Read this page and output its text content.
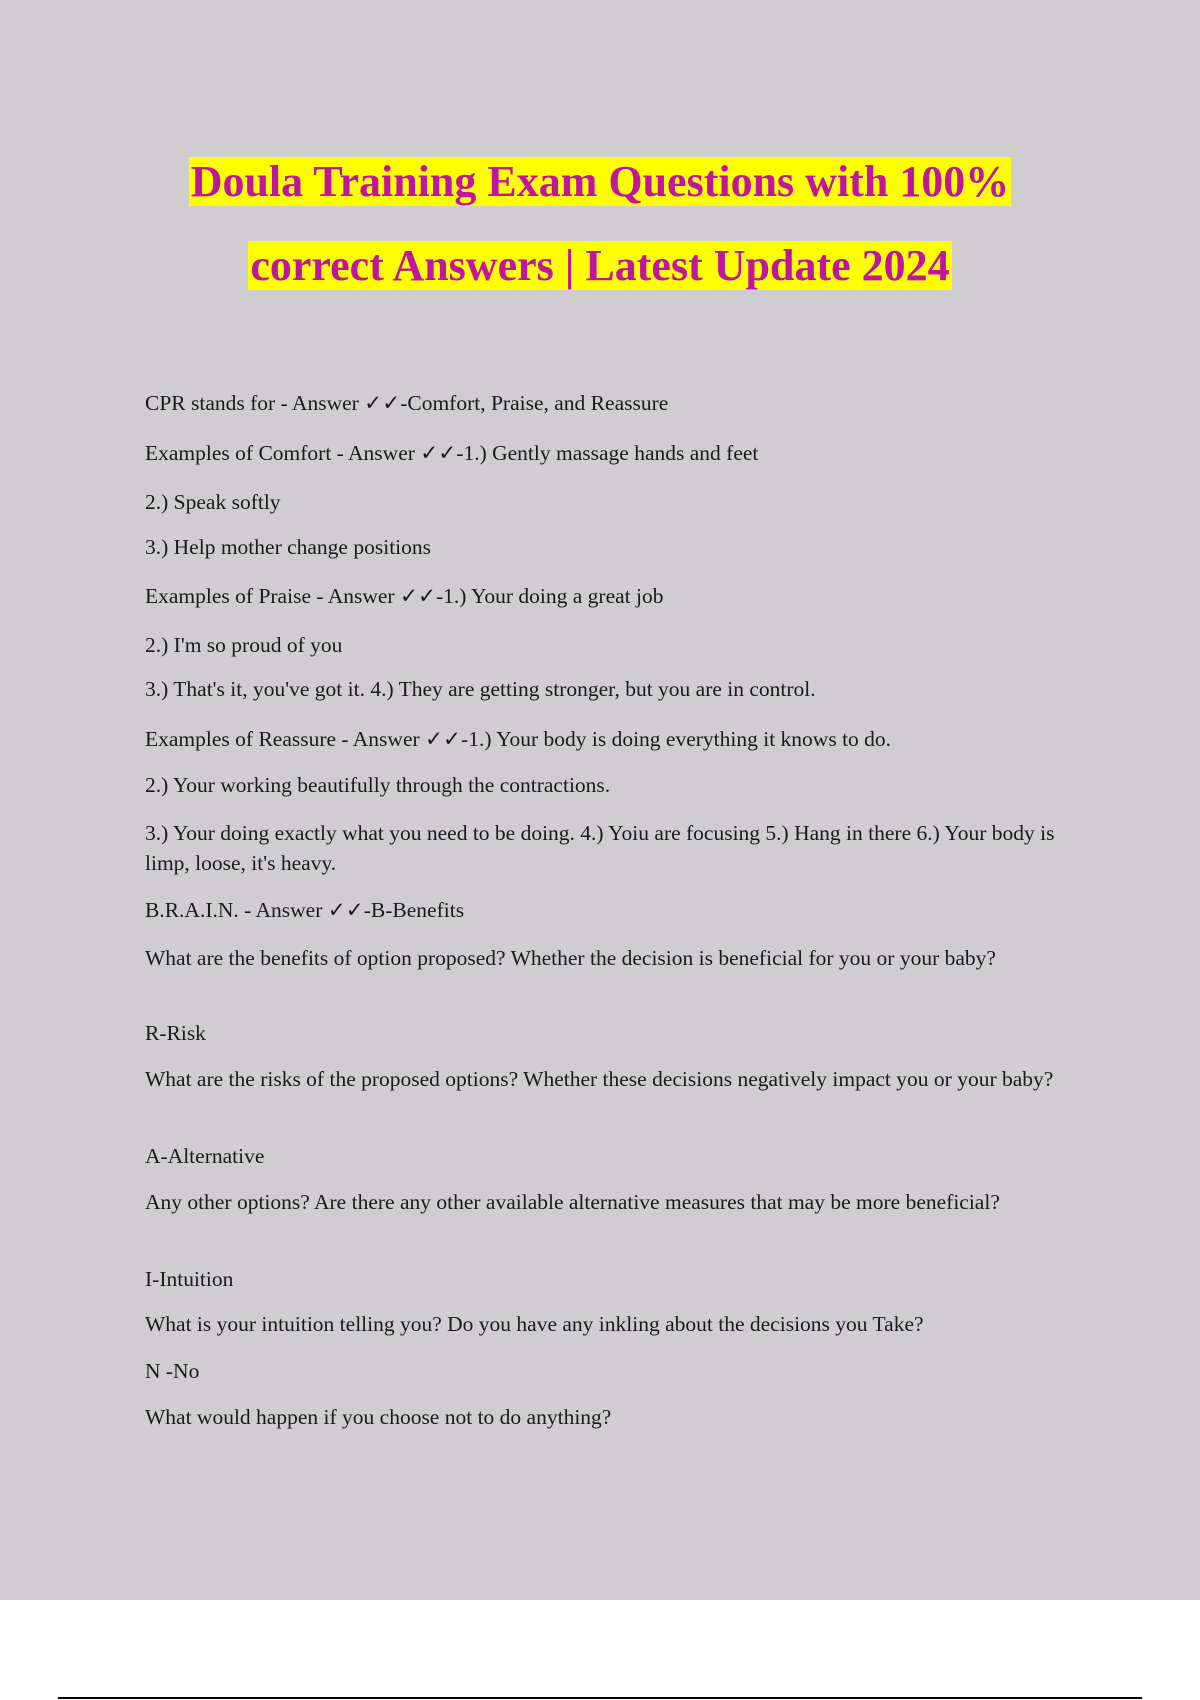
Doula Training Exam Questions with 100%
correct Answers | Latest Update 2024

CPR stands for - Answer ✓✓-Comfort, Praise, and Reassure

Examples of Comfort - Answer ✓✓-1.) Gently massage hands and feet

2.) Speak softly

3.) Help mother change positions

Examples of Praise - Answer ✓✓-1.) Your doing a great job

2.) I'm so proud of you

3.) That's it, you've got it. 4.) They are getting stronger, but you are in control.

Examples of Reassure - Answer ✓✓-1.) Your body is doing everything it knows to do.

2.) Your working beautifully through the contractions.

3.) Your doing exactly what you need to be doing. 4.) Yoiu are focusing 5.) Hang in there 6.) Your body is limp, loose, it's heavy.

B.R.A.I.N. - Answer ✓✓-B-Benefits

What are the benefits of option proposed? Whether the decision is beneficial for you or your baby?

R-Risk

What are the risks of the proposed options? Whether these decisions negatively impact you or your baby?

A-Alternative

Any other options? Are there any other available alternative measures that may be more beneficial?

I-Intuition

What is your intuition telling you? Do you have any inkling about the decisions you Take?

N -No

What would happen if you choose not to do anything?
